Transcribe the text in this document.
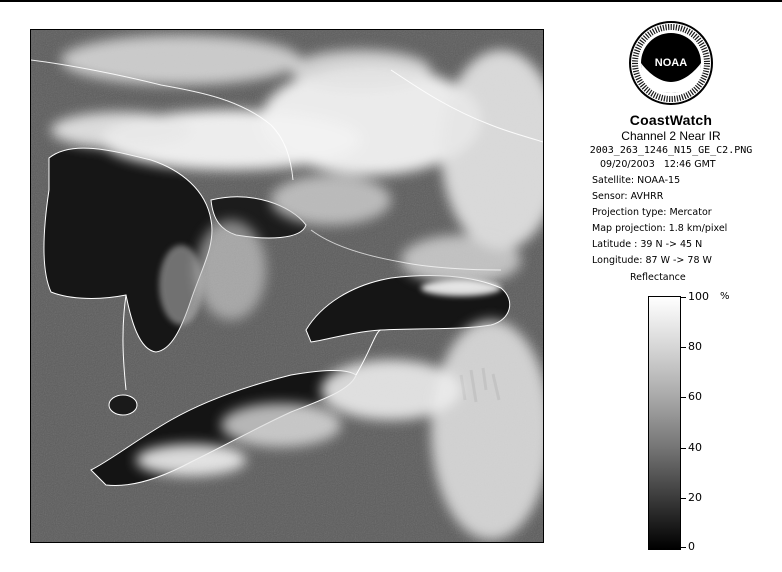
NOAA
CoastWatch
Channel 2 Near IR
2003_263_1246_N15_GE_C2.PNG
09/20/2003 12:46 GMT
Satellite: NOAA-15
Sensor: AVHRR
Projection type: Mercator
Map projection: 1.8 km/pixel
Latitude : 39 N -> 45 N
Longitude: 87 W -> 78 W
Reflectance
%
100
80
60
40
20
0
